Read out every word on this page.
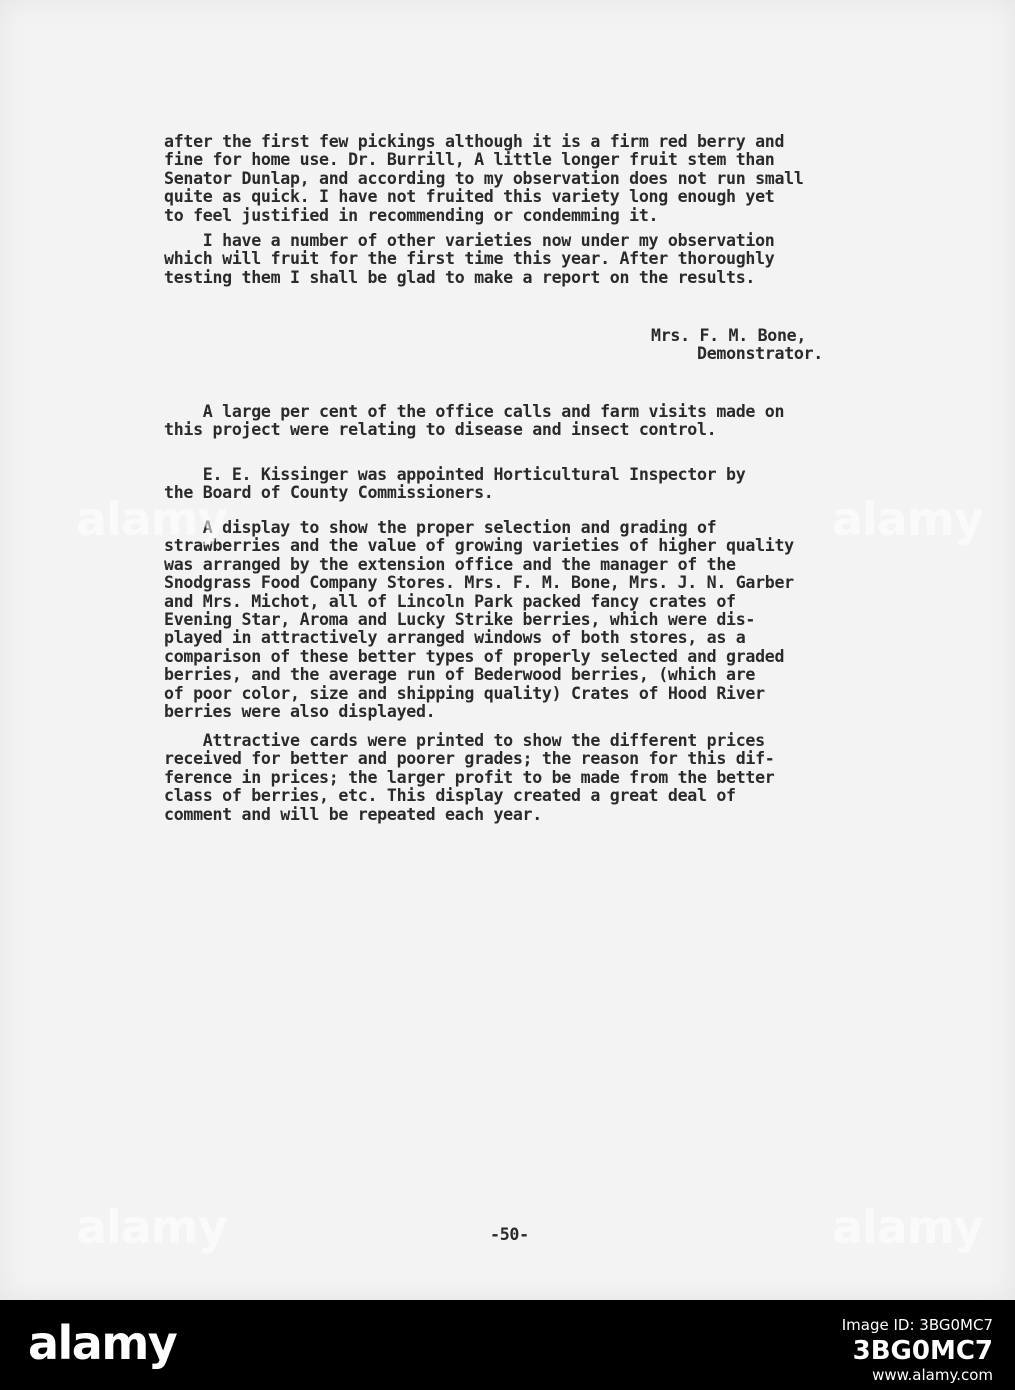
after the first few pickings although it is a firm red berry and
fine for home use. Dr. Burrill, A little longer fruit stem than
Senator Dunlap, and according to my observation does not run small
quite as quick. I have not fruited this variety long enough yet
to feel justified in recommending or condemming it.
I have a number of other varieties now under my observation
which will fruit for the first time this year. After thoroughly
testing them I shall be glad to make a report on the results.
Mrs. F. M. Bone,
Demonstrator.
A large per cent of the office calls and farm visits made on
this project were relating to disease and insect control.
E. E. Kissinger was appointed Horticultural Inspector by
the Board of County Commissioners.
A display to show the proper selection and grading of
strawberries and the value of growing varieties of higher quality
was arranged by the extension office and the manager of the
Snodgrass Food Company Stores. Mrs. F. M. Bone, Mrs. J. N. Garber
and Mrs. Michot, all of Lincoln Park packed fancy crates of
Evening Star, Aroma and Lucky Strike berries, which were dis-
played in attractively arranged windows of both stores, as a
comparison of these better types of properly selected and graded
berries, and the average run of Bederwood berries, (which are
of poor color, size and shipping quality) Crates of Hood River
berries were also displayed.
Attractive cards were printed to show the different prices
received for better and poorer grades; the reason for this dif-
ference in prices; the larger profit to be made from the better
class of berries, etc. This display created a great deal of
comment and will be repeated each year.
-50-
alamy	alamy
alamy	alamy
alamy	Image ID: 3BG0MC7
3BG0MC7
www.alamy.com
